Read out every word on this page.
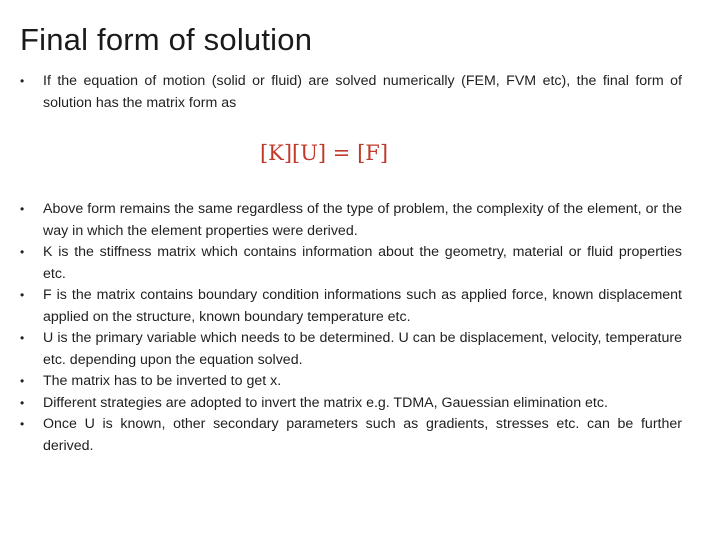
Final form of solution
• If the equation of motion (solid or fluid) are solved numerically (FEM, FVM etc), the final form of solution has the matrix form as
[K][U] = [F]
• Above form remains the same regardless of the type of problem, the complexity of the element, or the way in which the element properties were derived.
• K is the stiffness matrix which contains information about the geometry, material or fluid properties etc.
• F is the matrix contains boundary condition informations such as applied force, known displacement applied on the structure, known boundary temperature etc.
• U is the primary variable which needs to be determined. U can be displacement, velocity, temperature etc. depending upon the equation solved.
• The matrix has to be inverted to get x.
• Different strategies are adopted to invert the matrix e.g. TDMA, Gauessian elimination etc.
• Once U is known, other secondary parameters such as gradients, stresses etc. can be further derived.
